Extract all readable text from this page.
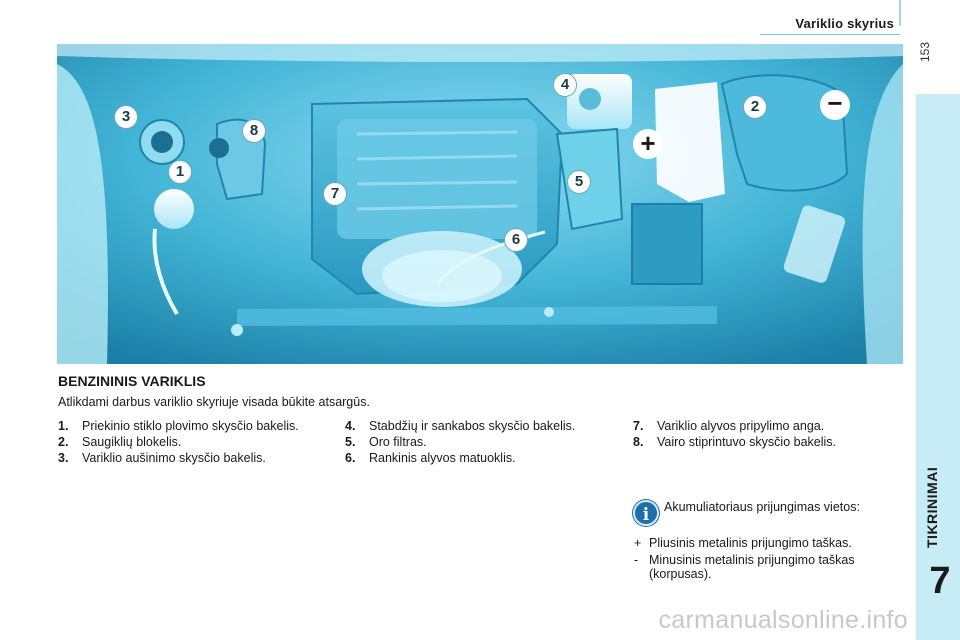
Variklio skyrius
153
TIKRINIMAI
7
1
2
3
4
5
6
7
8	+
−
BENZININIS VARIKLIS
Atlikdami darbus variklio skyriuje visada būkite atsargūs.
1.	Priekinio stiklo plovimo skysčio bakelis.
2.	Saugiklių blokelis.
3.	Variklio aušinimo skysčio bakelis.
4.	Stabdžių ir sankabos skysčio bakelis.
5.	Oro filtras.
6.	Rankinis alyvos matuoklis.
7.	Variklio alyvos pripylimo anga.
8.	Vairo stiprintuvo skysčio bakelis.
i	Akumuliatoriaus prijungimas vietos:
+ Pliusinis metalinis prijungimo taškas.
- Minusinis metalinis prijungimo taškas (korpusas).
carmanualsonline.info
